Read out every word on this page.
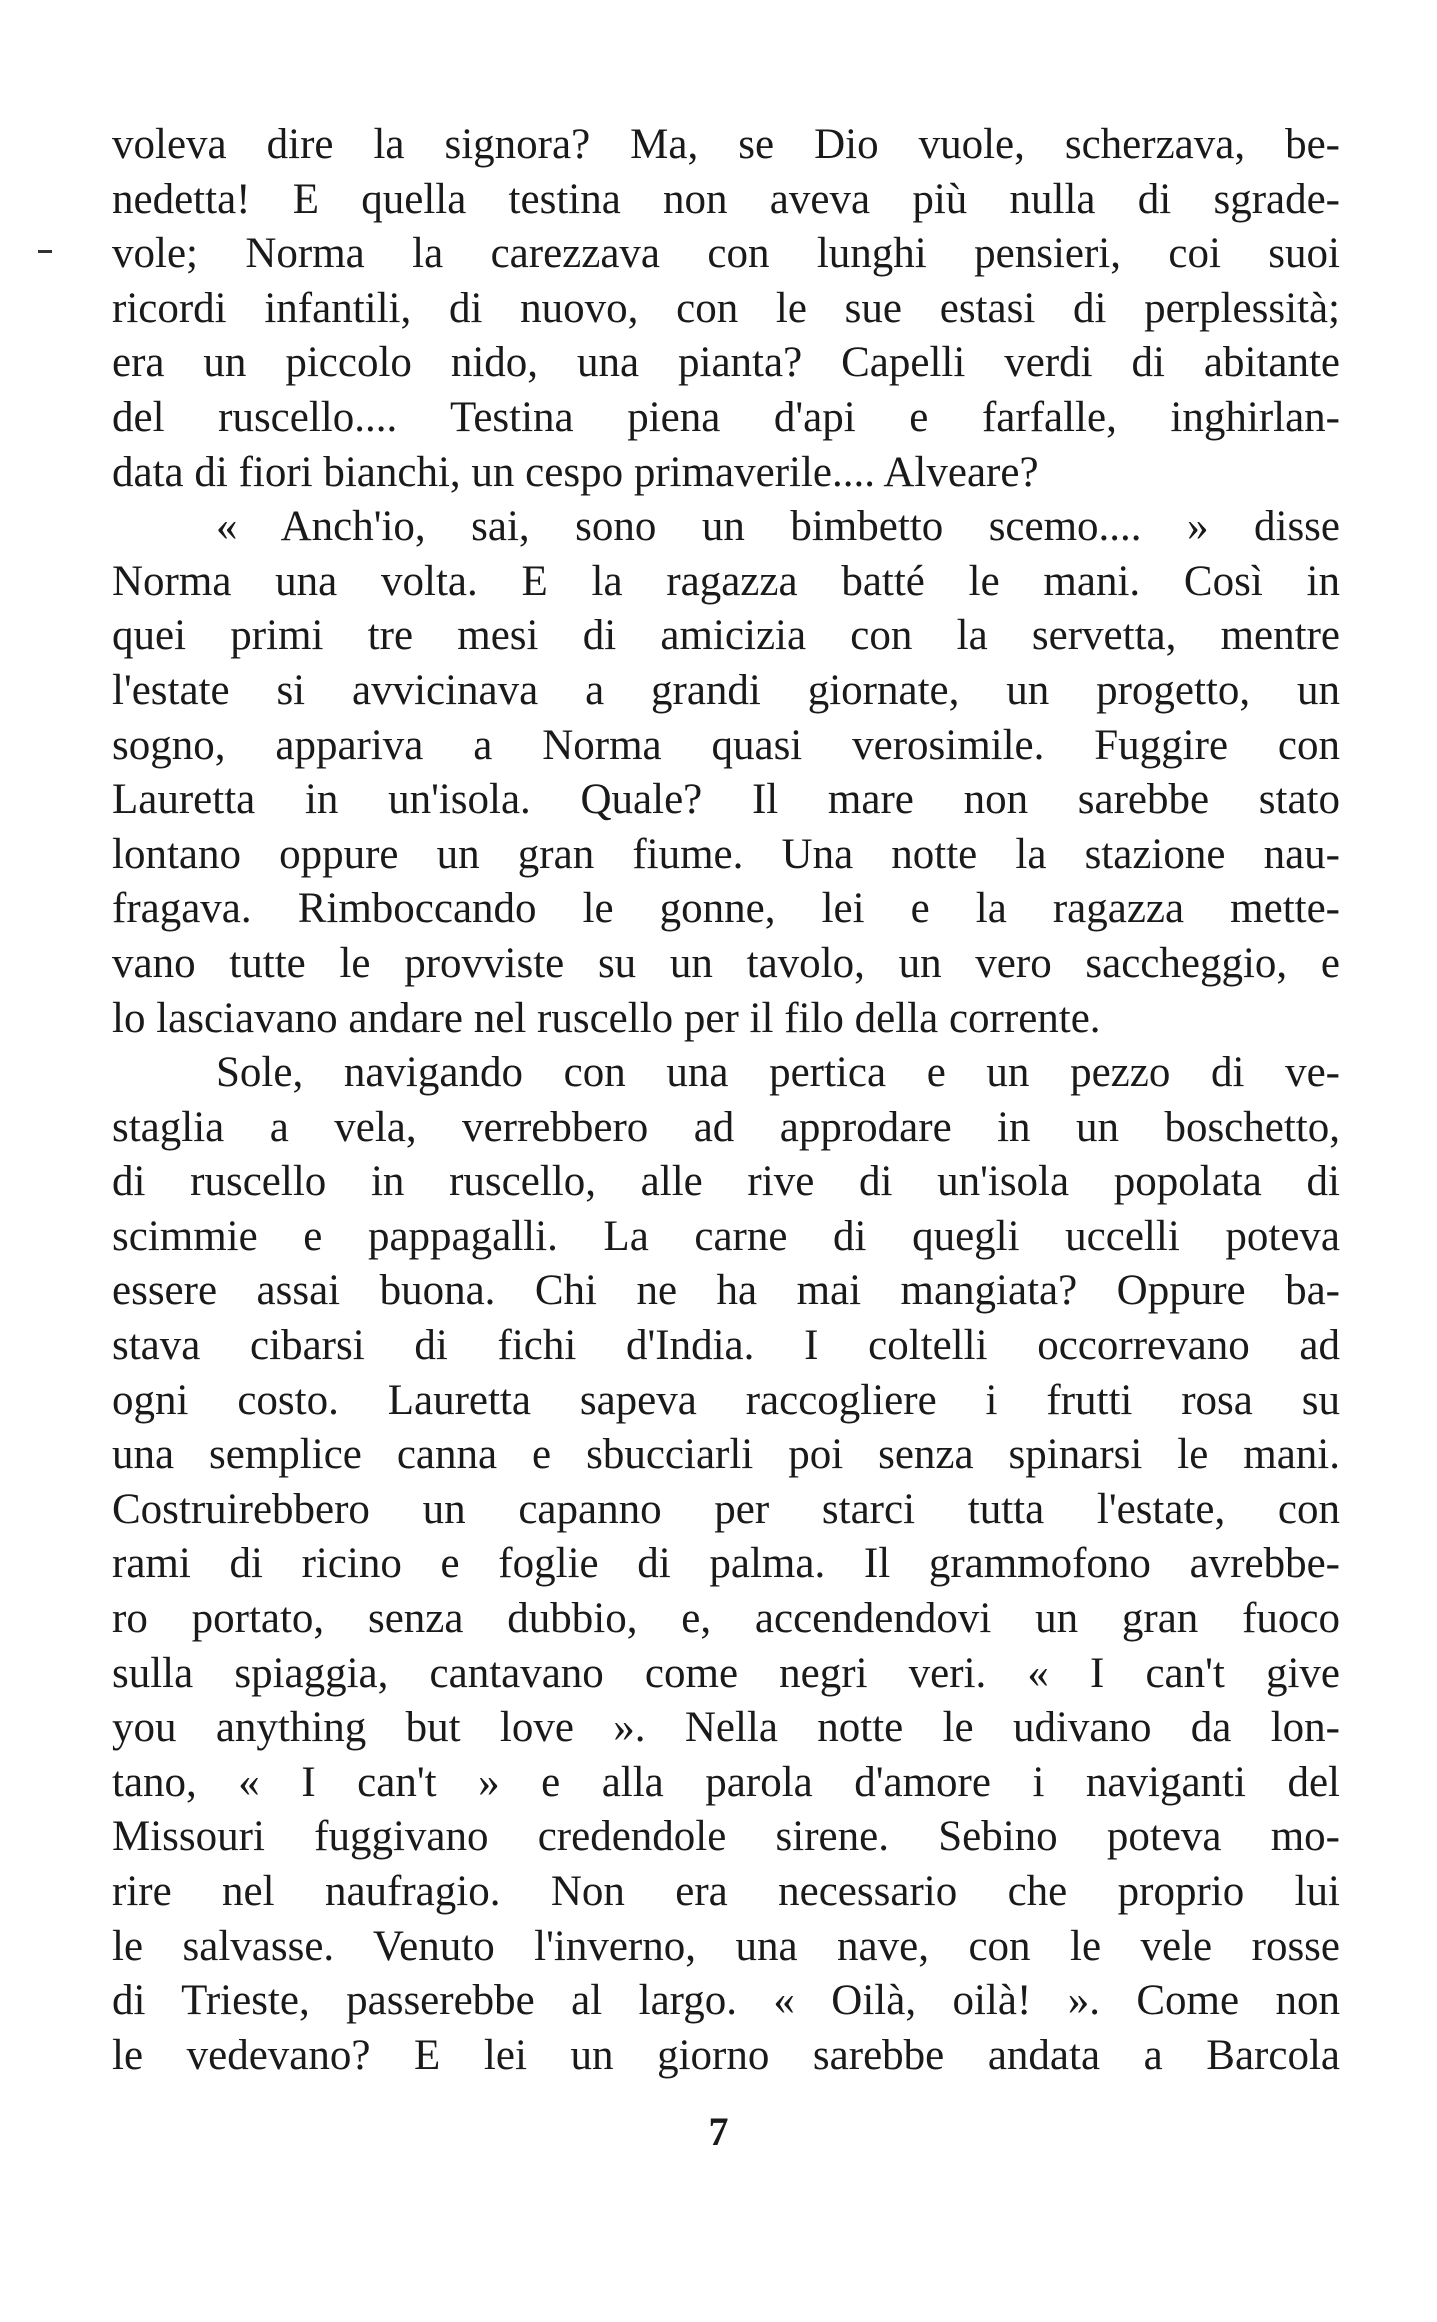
voleva dire la signora? Ma, se Dio vuole, scherzava, be-
nedetta! E quella testina non aveva più nulla di sgrade-
vole; Norma la carezzava con lunghi pensieri, coi suoi
ricordi infantili, di nuovo, con le sue estasi di perplessità;
era un piccolo nido, una pianta? Capelli verdi di abitante
del ruscello.... Testina piena d'api e farfalle, inghirlan-
data di fiori bianchi, un cespo primaverile.... Alveare?
« Anch'io, sai, sono un bimbetto scemo.... » disse
Norma una volta. E la ragazza batté le mani. Così in
quei primi tre mesi di amicizia con la servetta, mentre
l'estate si avvicinava a grandi giornate, un progetto, un
sogno, appariva a Norma quasi verosimile. Fuggire con
Lauretta in un'isola. Quale? Il mare non sarebbe stato
lontano oppure un gran fiume. Una notte la stazione nau-
fragava. Rimboccando le gonne, lei e la ragazza mette-
vano tutte le provviste su un tavolo, un vero saccheggio, e
lo lasciavano andare nel ruscello per il filo della corrente.
Sole, navigando con una pertica e un pezzo di ve-
staglia a vela, verrebbero ad approdare in un boschetto,
di ruscello in ruscello, alle rive di un'isola popolata di
scimmie e pappagalli. La carne di quegli uccelli poteva
essere assai buona. Chi ne ha mai mangiata? Oppure ba-
stava cibarsi di fichi d'India. I coltelli occorrevano ad
ogni costo. Lauretta sapeva raccogliere i frutti rosa su
una semplice canna e sbucciarli poi senza spinarsi le mani.
Costruirebbero un capanno per starci tutta l'estate, con
rami di ricino e foglie di palma. Il grammofono avrebbe-
ro portato, senza dubbio, e, accendendovi un gran fuoco
sulla spiaggia, cantavano come negri veri. « I can't give
you anything but love ». Nella notte le udivano da lon-
tano, « I can't » e alla parola d'amore i naviganti del
Missouri fuggivano credendole sirene. Sebino poteva mo-
rire nel naufragio. Non era necessario che proprio lui
le salvasse. Venuto l'inverno, una nave, con le vele rosse
di Trieste, passerebbe al largo. « Oilà, oilà! ». Come non
le vedevano? E lei un giorno sarebbe andata a Barcola
7
